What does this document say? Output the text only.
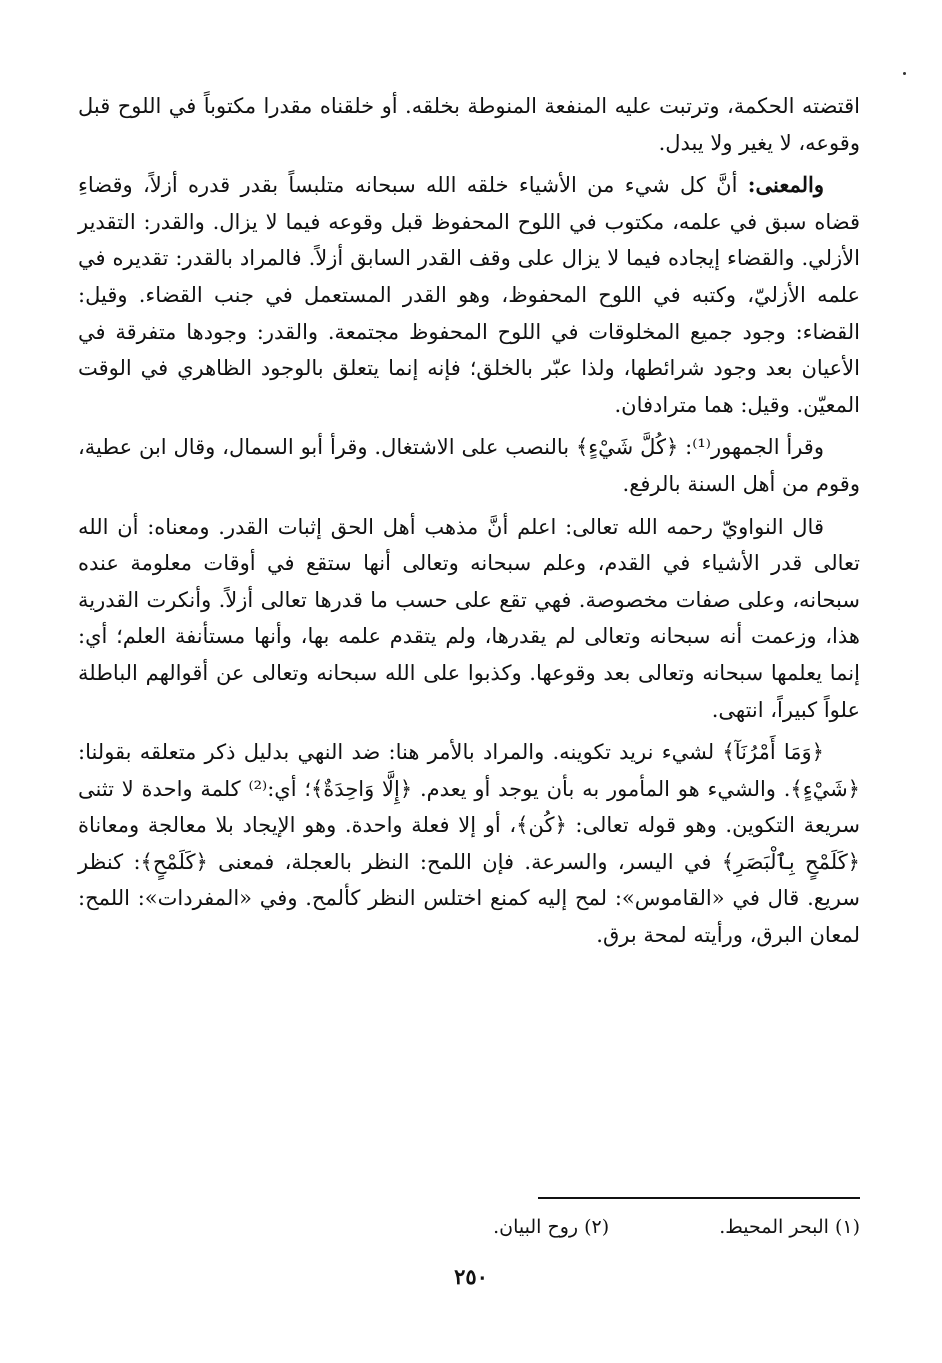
اقتضته الحكمة، وترتبت عليه المنفعة المنوطة بخلقه. أو خلقناه مقدرا مكتوباً في اللوح قبل وقوعه، لا يغير ولا يبدل.

والمعنى: أنَّ كل شيء من الأشياء خلقه الله سبحانه متلبساً بقدر قدره أزلاً، وقضاءِ قضاه سبق في علمه، مكتوب في اللوح المحفوظ قبل وقوعه فيما لا يزال. والقدر: التقدير الأزلي. والقضاء إيجاده فيما لا يزال على وقف القدر السابق أزلاً. فالمراد بالقدر: تقديره في علمه الأزليّ، وكتبه في اللوح المحفوظ، وهو القدر المستعمل في جنب القضاء. وقيل: القضاء: وجود جميع المخلوقات في اللوح المحفوظ مجتمعة. والقدر: وجودها متفرقة في الأعيان بعد وجود شرائطها، ولذا عبّر بالخلق؛ فإنه إنما يتعلق بالوجود الظاهري في الوقت المعيّن. وقيل: هما مترادفان.

وقرأ الجمهور⁽¹⁾: ﴿كُلَّ شَيْءٍ﴾ بالنصب على الاشتغال. وقرأ أبو السمال، وقال ابن عطية، وقوم من أهل السنة بالرفع.

قال النواويّ رحمه الله تعالى: اعلم أنَّ مذهب أهل الحق إثبات القدر. ومعناه: أن الله تعالى قدر الأشياء في القدم، وعلم سبحانه وتعالى أنها ستقع في أوقات معلومة عنده سبحانه، وعلى صفات مخصوصة. فهي تقع على حسب ما قدرها تعالى أزلاً. وأنكرت القدرية هذا، وزعمت أنه سبحانه وتعالى لم يقدرها، ولم يتقدم علمه بها، وأنها مستأنفة العلم؛ أي: إنما يعلمها سبحانه وتعالى بعد وقوعها. وكذبوا على الله سبحانه وتعالى عن أقوالهم الباطلة علواً كبيراً، انتهى.

﴿وَمَا أَمْرُنَآ﴾ لشيء نريد تكوينه. والمراد بالأمر هنا: ضد النهي بدليل ذكر متعلقه بقولنا: ﴿شَيْءٍ﴾. والشيء هو المأمور به بأن يوجد أو يعدم. ﴿إِلَّا وَاحِدَةٌ﴾؛ أي:⁽²⁾ كلمة واحدة لا تثنى سريعة التكوين. وهو قوله تعالى: ﴿كُن﴾، أو إلا فعلة واحدة. وهو الإيجاد بلا معالجة ومعاناة ﴿كَلَمْحٍ بِٱلْبَصَرِ﴾ في اليسر، والسرعة. فإن اللمح: النظر بالعجلة، فمعنى ﴿كَلَمْحٍ﴾: كنظر سريع. قال في «القاموس»: لمح إليه كمنع اختلس النظر كألمح. وفي «المفردات»: اللمح: لمعان البرق، ورأيته لمحة برق.

(١) البحر المحيط.
(٢) روح البيان.
٢٥٠
